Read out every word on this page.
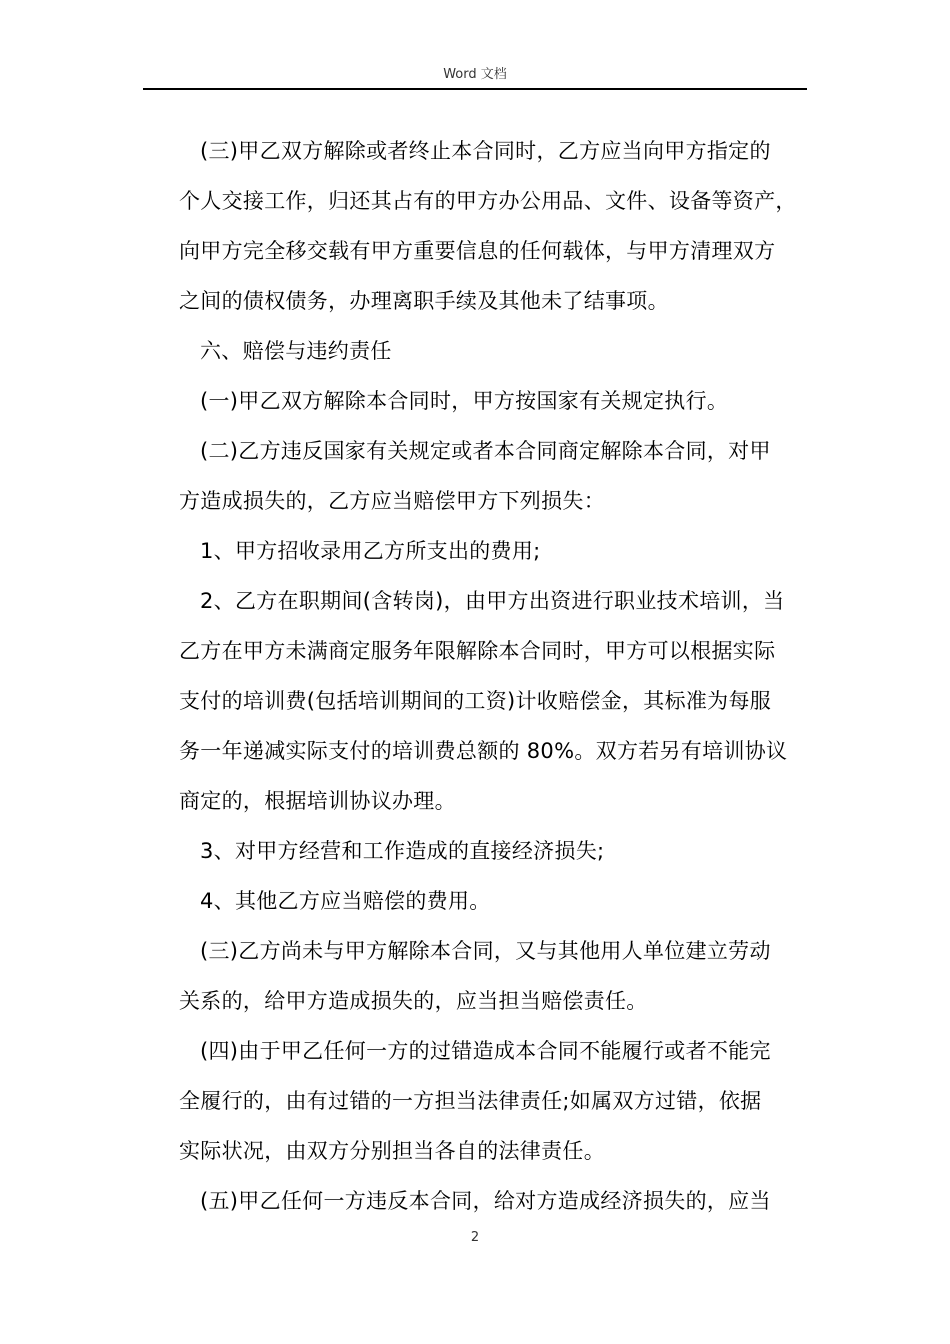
Word 文档
(三)甲乙双方解除或者终止本合同时，乙方应当向甲方指定的
个人交接工作，归还其占有的甲方办公用品、文件、设备等资产，
向甲方完全移交载有甲方重要信息的任何载体，与甲方清理双方
之间的债权债务，办理离职手续及其他未了结事项。
六、赔偿与违约责任
(一)甲乙双方解除本合同时，甲方按国家有关规定执行。
(二)乙方违反国家有关规定或者本合同商定解除本合同，对甲
方造成损失的，乙方应当赔偿甲方下列损失：
1、甲方招收录用乙方所支出的费用;
2、乙方在职期间(含转岗)，由甲方出资进行职业技术培训，当
乙方在甲方未满商定服务年限解除本合同时，甲方可以根据实际
支付的培训费(包括培训期间的工资)计收赔偿金，其标准为每服
务一年递减实际支付的培训费总额的 80%。双方若另有培训协议
商定的，根据培训协议办理。
3、对甲方经营和工作造成的直接经济损失;
4、其他乙方应当赔偿的费用。
(三)乙方尚未与甲方解除本合同，又与其他用人单位建立劳动
关系的，给甲方造成损失的，应当担当赔偿责任。
(四)由于甲乙任何一方的过错造成本合同不能履行或者不能完
全履行的，由有过错的一方担当法律责任;如属双方过错，依据
实际状况，由双方分别担当各自的法律责任。
(五)甲乙任何一方违反本合同，给对方造成经济损失的，应当
2
